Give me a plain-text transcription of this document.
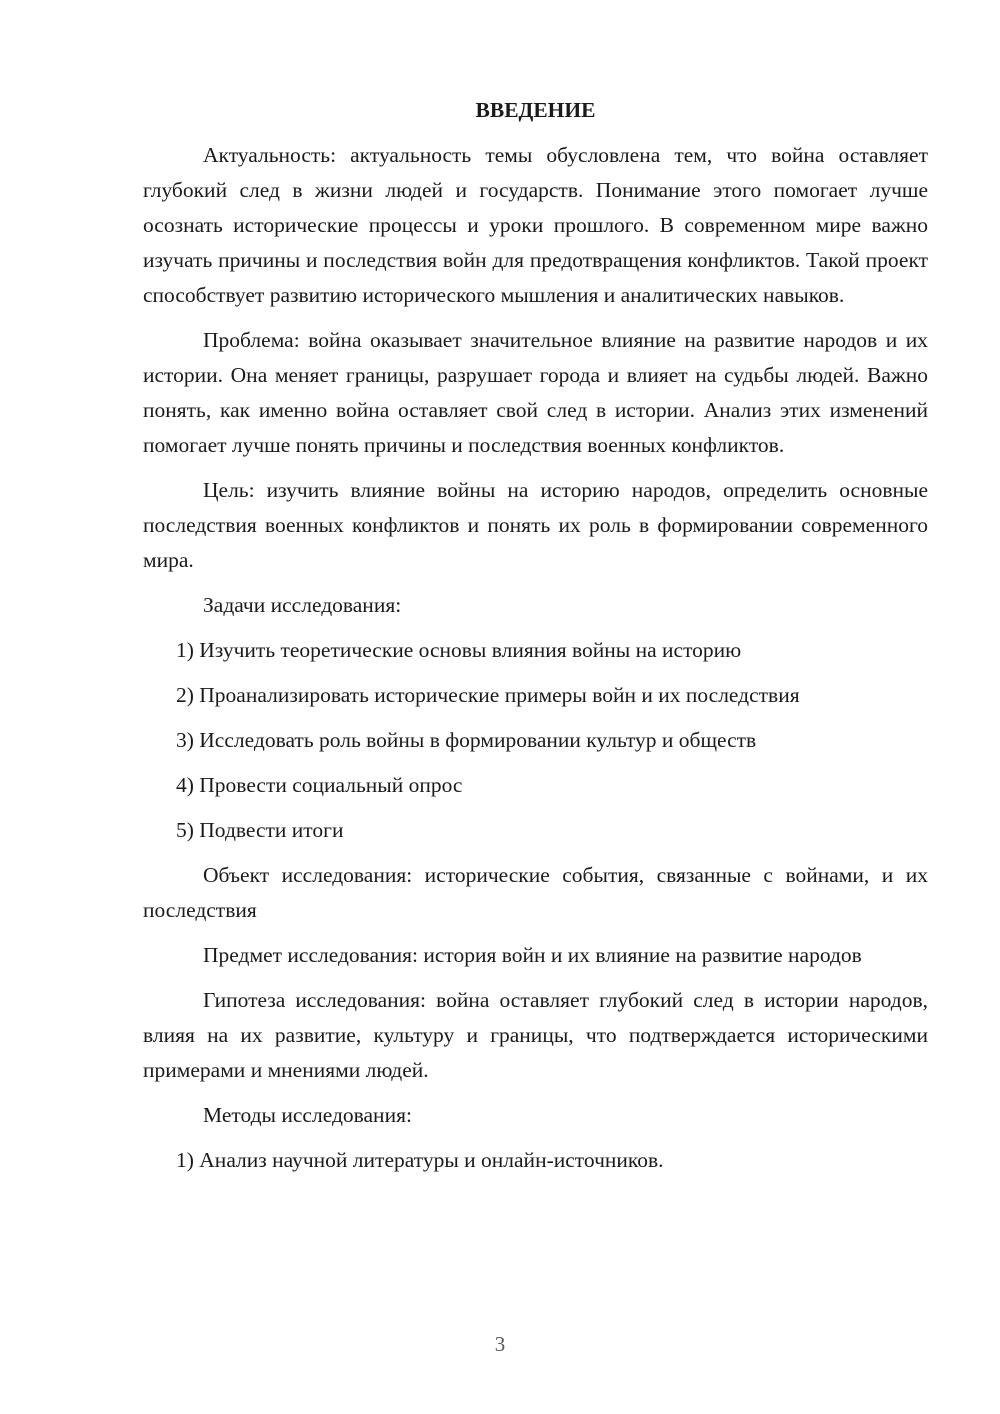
ВВЕДЕНИЕ

Актуальность: актуальность темы обусловлена тем, что война оставляет глубокий след в жизни людей и государств. Понимание этого помогает лучше осознать исторические процессы и уроки прошлого. В современном мире важно изучать причины и последствия войн для предотвращения конфликтов. Такой проект способствует развитию исторического мышления и аналитических навыков.

Проблема: война оказывает значительное влияние на развитие народов и их истории. Она меняет границы, разрушает города и влияет на судьбы людей. Важно понять, как именно война оставляет свой след в истории. Анализ этих изменений помогает лучше понять причины и последствия военных конфликтов.

Цель: изучить влияние войны на историю народов, определить основные последствия военных конфликтов и понять их роль в формировании современного мира.

Задачи исследования:

1) Изучить теоретические основы влияния войны на историю
2) Проанализировать исторические примеры войн и их последствия
3) Исследовать роль войны в формировании культур и обществ
4) Провести социальный опрос
5) Подвести итоги

Объект исследования: исторические события, связанные с войнами, и их последствия

Предмет исследования: история войн и их влияние на развитие народов

Гипотеза исследования: война оставляет глубокий след в истории народов, влияя на их развитие, культуру и границы, что подтверждается историческими примерами и мнениями людей.

Методы исследования:

1) Анализ научной литературы и онлайн-источников.
3
